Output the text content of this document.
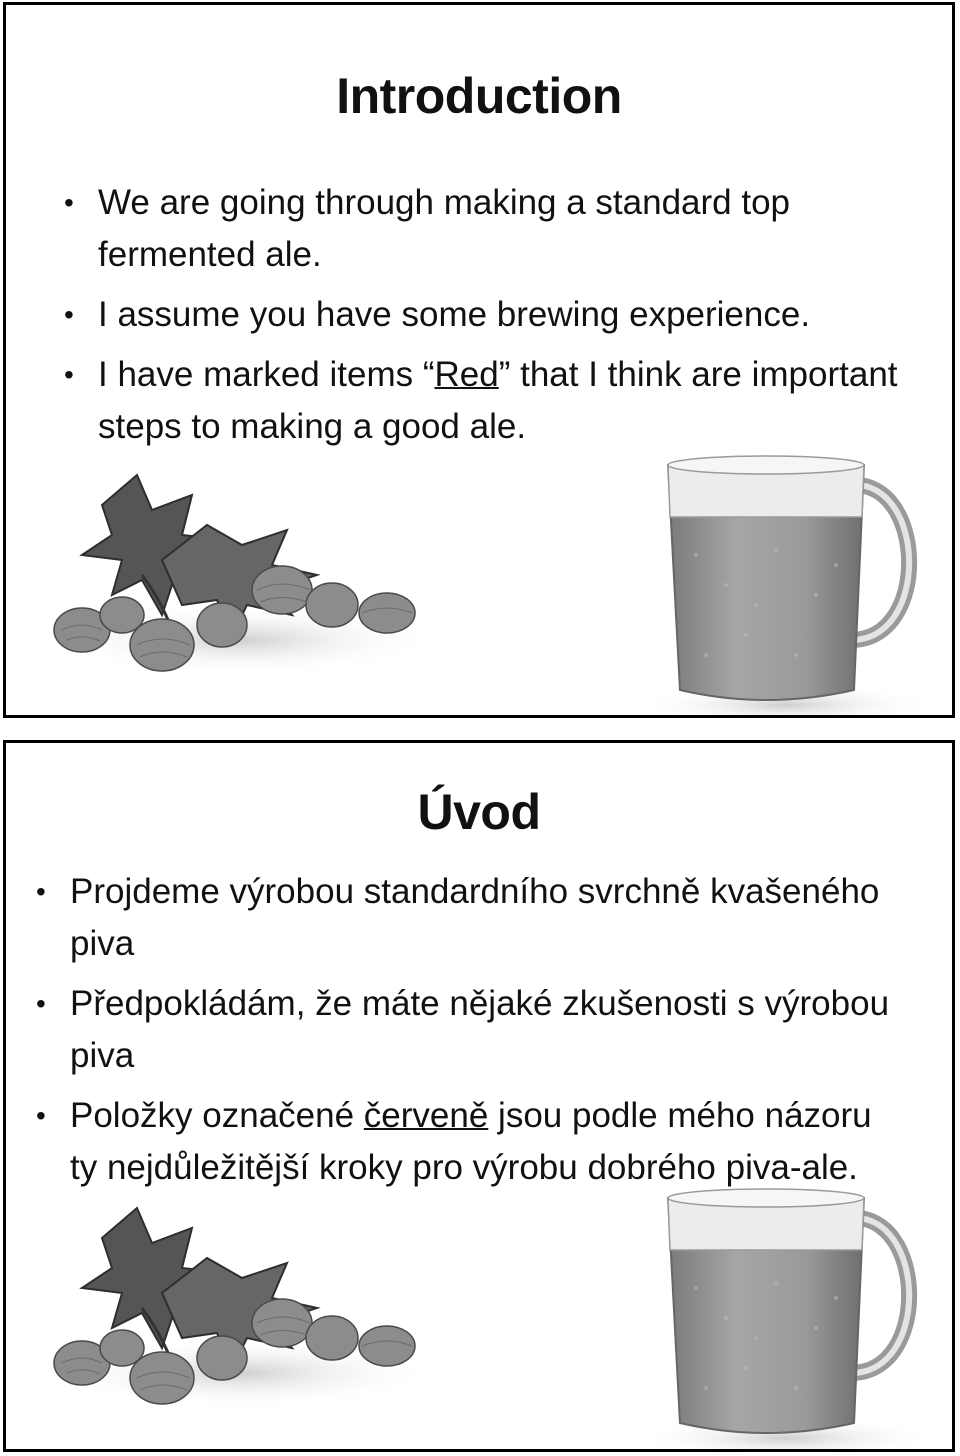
Introduction
• We are going through making a standard top fermented ale.
• I assume you have some brewing experience.
• I have marked items “Red” that I think are important steps to making a good ale.
Úvod
• Projdeme výrobou standardního svrchně kvašeného piva
• Předpokládám, že máte nějaké zkušenosti s výrobou piva
• Položky označené červeně jsou podle mého názoru ty nejdůležitější kroky pro výrobu dobrého piva-ale.
